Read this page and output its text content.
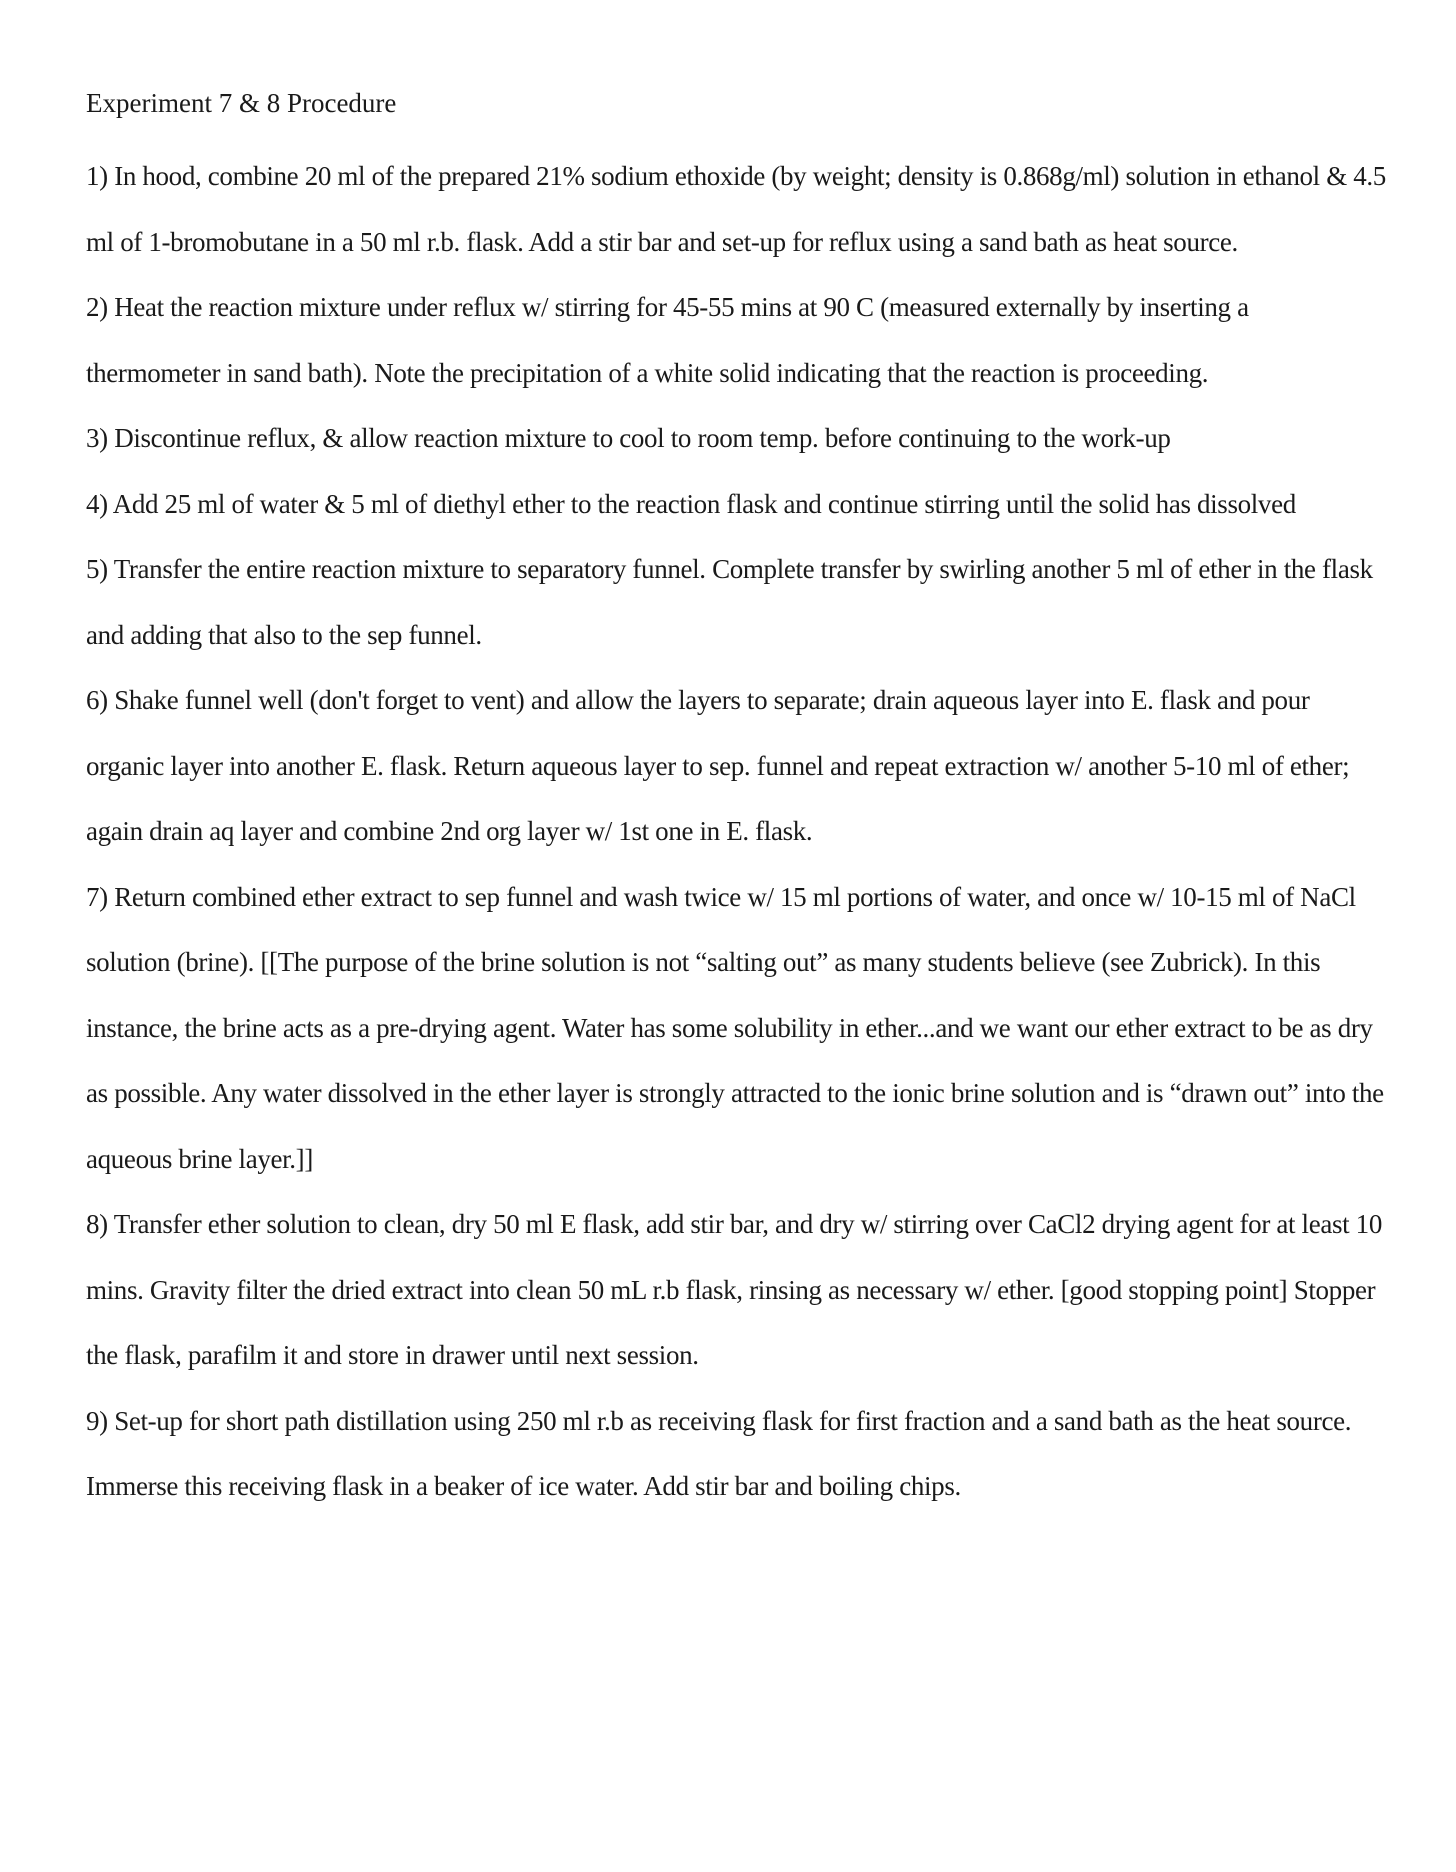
Experiment 7 & 8 Procedure

1) In hood, combine 20 ml of the prepared 21% sodium ethoxide (by weight; density is 0.868g/ml) solution in ethanol & 4.5 ml of 1-bromobutane in a 50 ml r.b. flask. Add a stir bar and set-up for reflux using a sand bath as heat source.

2) Heat the reaction mixture under reflux w/ stirring for 45-55 mins at 90 C (measured externally by inserting a thermometer in sand bath). Note the precipitation of a white solid indicating that the reaction is proceeding.

3) Discontinue reflux, & allow reaction mixture to cool to room temp. before continuing to the work-up

4) Add 25 ml of water & 5 ml of diethyl ether to the reaction flask and continue stirring until the solid has dissolved

5) Transfer the entire reaction mixture to separatory funnel. Complete transfer by swirling another 5 ml of ether in the flask and adding that also to the sep funnel.

6) Shake funnel well (don't forget to vent) and allow the layers to separate; drain aqueous layer into E. flask and pour organic layer into another E. flask. Return aqueous layer to sep. funnel and repeat extraction w/ another 5-10 ml of ether; again drain aq layer and combine 2nd org layer w/ 1st one in E. flask.

7) Return combined ether extract to sep funnel and wash twice w/ 15 ml portions of water, and once w/ 10-15 ml of NaCl solution (brine). [[The purpose of the brine solution is not “salting out” as many students believe (see Zubrick). In this instance, the brine acts as a pre-drying agent. Water has some solubility in ether...and we want our ether extract to be as dry as possible. Any water dissolved in the ether layer is strongly attracted to the ionic brine solution and is “drawn out” into the aqueous brine layer.]]

8) Transfer ether solution to clean, dry 50 ml E flask, add stir bar, and dry w/ stirring over CaCl2 drying agent for at least 10 mins. Gravity filter the dried extract into clean 50 mL r.b flask, rinsing as necessary w/ ether. [good stopping point] Stopper the flask, parafilm it and store in drawer until next session.

9) Set-up for short path distillation using 250 ml r.b as receiving flask for first fraction and a sand bath as the heat source. Immerse this receiving flask in a beaker of ice water. Add stir bar and boiling chips.
